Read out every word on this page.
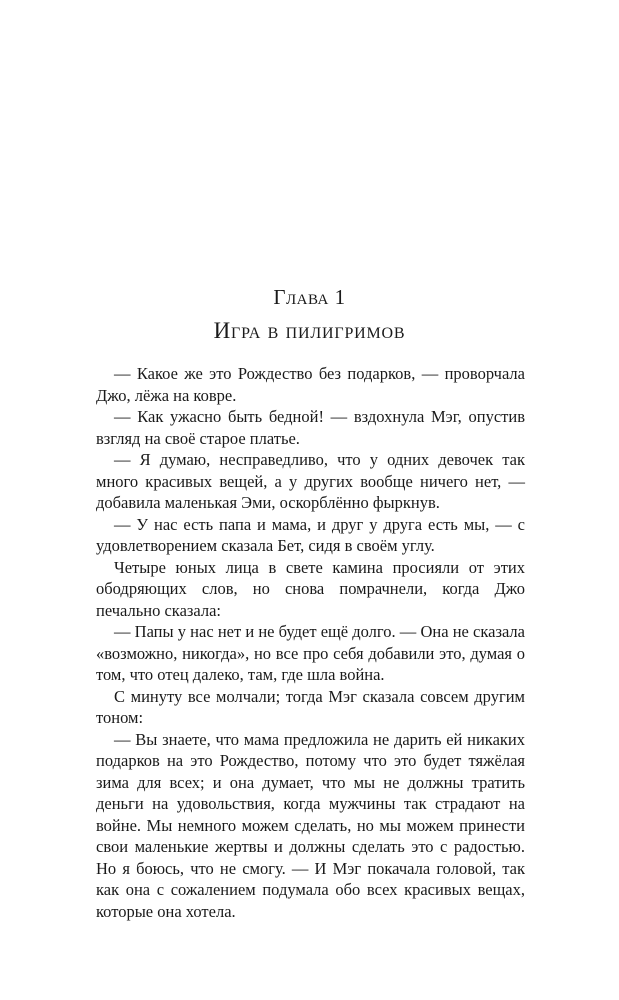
Глава 1
Игра в пилигримов

— Какое же это Рождество без подарков, — проворчала Джо, лёжа на ковре.

— Как ужасно быть бедной! — вздохнула Мэг, опустив взгляд на своё старое платье.

— Я думаю, несправедливо, что у одних девочек так много красивых вещей, а у других вообще ничего нет, — добавила маленькая Эми, оскорблённо фыркнув.

— У нас есть папа и мама, и друг у друга есть мы, — с удовлетворением сказала Бет, сидя в своём углу.

Четыре юных лица в свете камина просияли от этих ободряющих слов, но снова помрачнели, когда Джо печально сказала:

— Папы у нас нет и не будет ещё долго. — Она не сказала «возможно, никогда», но все про себя добавили это, думая о том, что отец далеко, там, где шла война.

С минуту все молчали; тогда Мэг сказала совсем другим тоном:

— Вы знаете, что мама предложила не дарить ей никаких подарков на это Рождество, потому что это будет тяжёлая зима для всех; и она думает, что мы не должны тратить деньги на удовольствия, когда мужчины так страдают на войне. Мы немного можем сделать, но мы можем принести свои маленькие жертвы и должны сделать это с радостью. Но я боюсь, что не смогу. — И Мэг покачала головой, так как она с сожалением подумала обо всех красивых вещах, которые она хотела.
